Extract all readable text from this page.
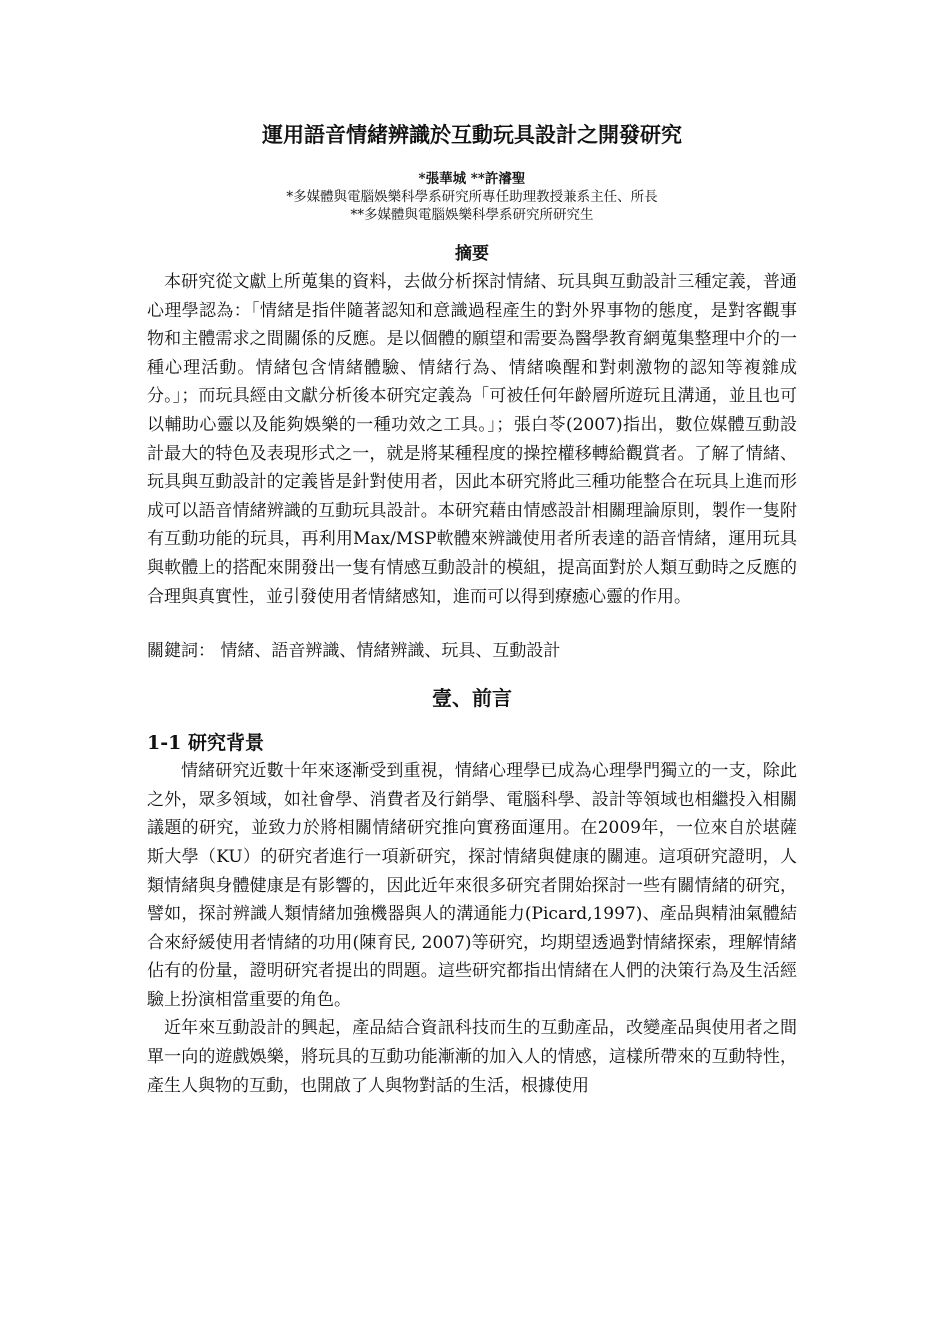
運用語音情緒辨識於互動玩具設計之開發研究

*張華城 **許濬聖

*多媒體與電腦娛樂科學系研究所專任助理教授兼系主任、所長

**多媒體與電腦娛樂科學系研究所研究生

摘要

本研究從文獻上所蒐集的資料，去做分析探討情緒、玩具與互動設計三種定義，普通心理學認為：「情緒是指伴隨著認知和意識過程產生的對外界事物的態度，是對客觀事物和主體需求之間關係的反應。是以個體的願望和需要為醫學教育網蒐集整理中介的一種心理活動。情緒包含情緒體驗、情緒行為、情緒喚醒和對刺激物的認知等複雜成分。」；而玩具經由文獻分析後本研究定義為「可被任何年齡層所遊玩且溝通，並且也可以輔助心靈以及能夠娛樂的一種功效之工具。」；張白苓(2007)指出，數位媒體互動設計最大的特色及表現形式之一，就是將某種程度的操控權移轉給觀賞者。了解了情緒、玩具與互動設計的定義皆是針對使用者，因此本研究將此三種功能整合在玩具上進而形成可以語音情緒辨識的互動玩具設計。本研究藉由情感設計相關理論原則，製作一隻附有互動功能的玩具，再利用Max/MSP軟體來辨識使用者所表達的語音情緒，運用玩具與軟體上的搭配來開發出一隻有情感互動設計的模組，提高面對於人類互動時之反應的合理與真實性，並引發使用者情緒感知，進而可以得到療癒心靈的作用。

關鍵詞： 情緒、語音辨識、情緒辨識、玩具、互動設計

壹、前言
1-1 研究背景

情緒研究近數十年來逐漸受到重視，情緒心理學已成為心理學門獨立的一支，除此之外，眾多領域，如社會學、消費者及行銷學、電腦科學、設計等領域也相繼投入相關議題的研究，並致力於將相關情緒研究推向實務面運用。在2009年，一位來自於堪薩斯大學（KU）的研究者進行一項新研究，探討情緒與健康的關連。這項研究證明，人類情緒與身體健康是有影響的，因此近年來很多研究者開始探討一些有關情緒的研究，譬如，探討辨識人類情緒加強機器與人的溝通能力(Picard,1997)、產品與精油氣體結合來紓緩使用者情緒的功用(陳育民, 2007)等研究，均期望透過對情緒探索，理解情緒佔有的份量，證明研究者提出的問題。這些研究都指出情緒在人們的決策行為及生活經驗上扮演相當重要的角色。

近年來互動設計的興起，產品結合資訊科技而生的互動產品，改變產品與使用者之間單一向的遊戲娛樂，將玩具的互動功能漸漸的加入人的情感，這樣所帶來的互動特性，產生人與物的互動，也開啟了人與物對話的生活，根據使用
